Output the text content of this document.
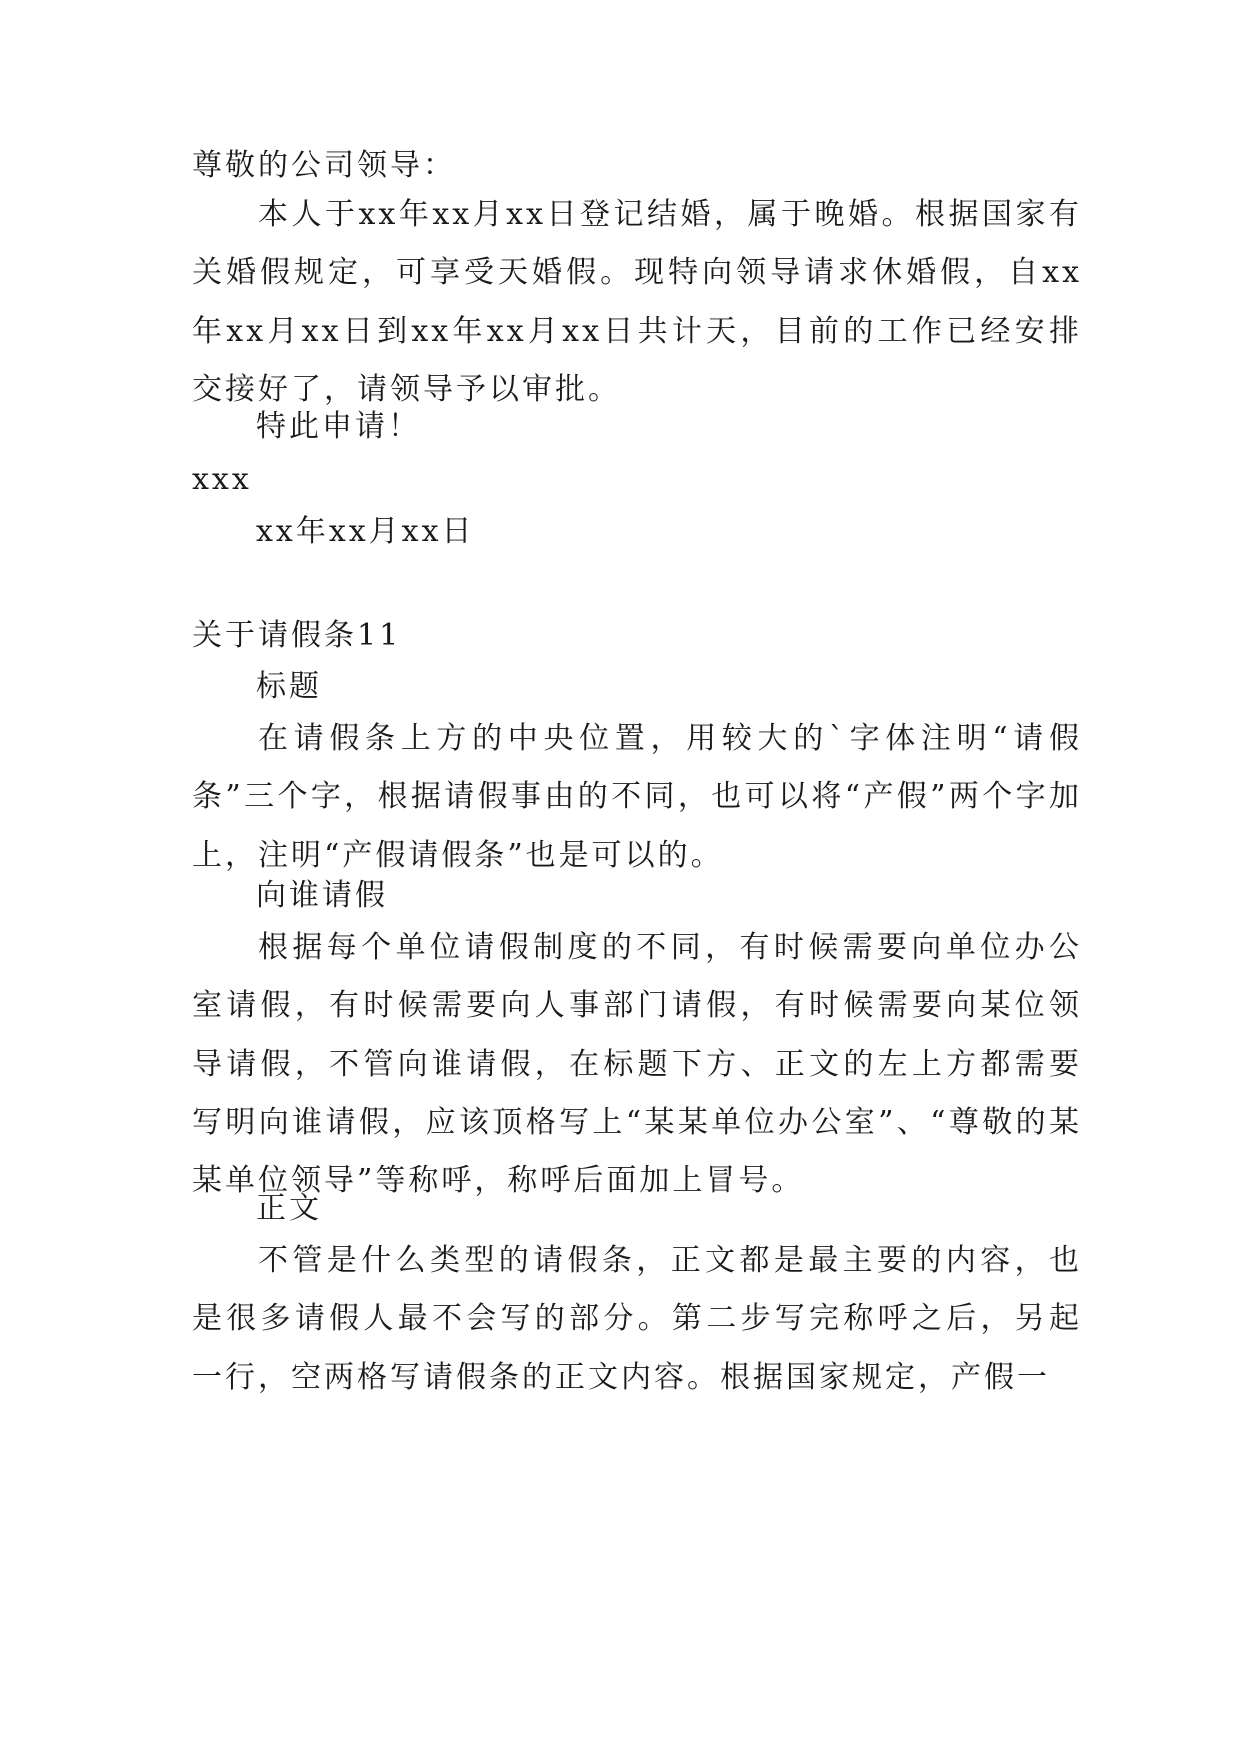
尊敬的公司领导：

本人于xx年xx月xx日登记结婚，属于晚婚。根据国家有关婚假规定，可享受天婚假。现特向领导请求休婚假，自xx年xx月xx日到xx年xx月xx日共计天，目前的工作已经安排交接好了，请领导予以审批。

特此申请！

xxx

xx年xx月xx日

关于请假条11

标题

在请假条上方的中央位置，用较大的`字体注明“请假条”三个字，根据请假事由的不同，也可以将“产假”两个字加上，注明“产假请假条”也是可以的。

向谁请假

根据每个单位请假制度的不同，有时候需要向单位办公室请假，有时候需要向人事部门请假，有时候需要向某位领导请假，不管向谁请假，在标题下方、正文的左上方都需要写明向谁请假，应该顶格写上“某某单位办公室”、“尊敬的某某单位领导”等称呼，称呼后面加上冒号。

正文

不管是什么类型的请假条，正文都是最主要的内容，也是很多请假人最不会写的部分。第二步写完称呼之后，另起一行，空两格写请假条的正文内容。根据国家规定，产假一
